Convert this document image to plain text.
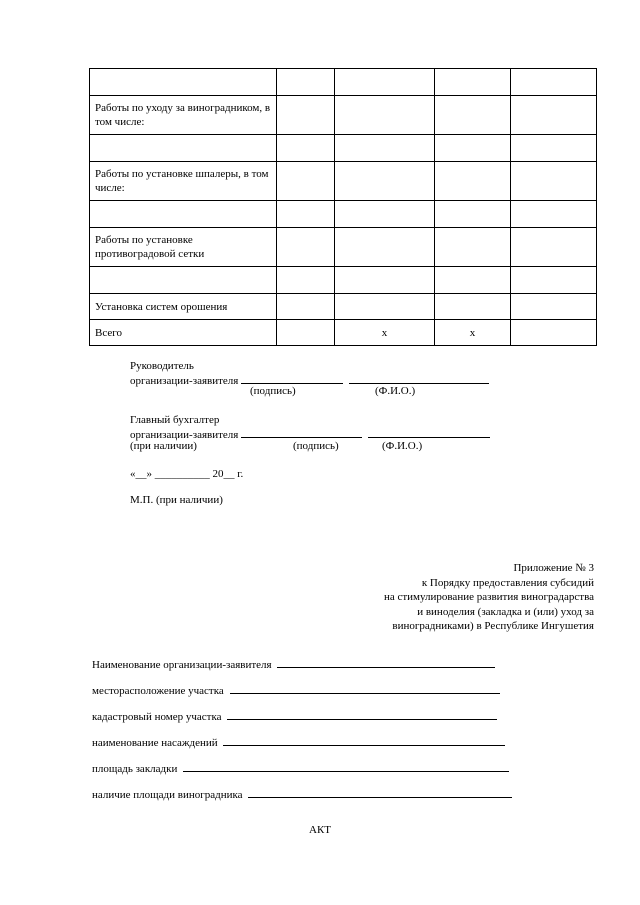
Работы по уходу за виноградником, в том числе:				

Работы по установке шпалеры, в том числе:				

Работы по установке противоградовой сетки				

Установка систем орошения				
Всего		x	x	
Руководитель
организации-заявителя
(подпись)	(Ф.И.О.)
Главный бухгалтер
организации-заявителя
(при наличии)	(подпись)	(Ф.И.О.)
«__» __________ 20__ г.
М.П. (при наличии)
Приложение № 3
к Порядку предоставления субсидий
на стимулирование развития виноградарства
и виноделия (закладка и (или) уход за
виноградниками) в Республике Ингушетия
Наименование организации-заявителя
месторасположение участка
кадастровый номер участка
наименование насаждений
площадь закладки
наличие площади виноградника
АКТ
